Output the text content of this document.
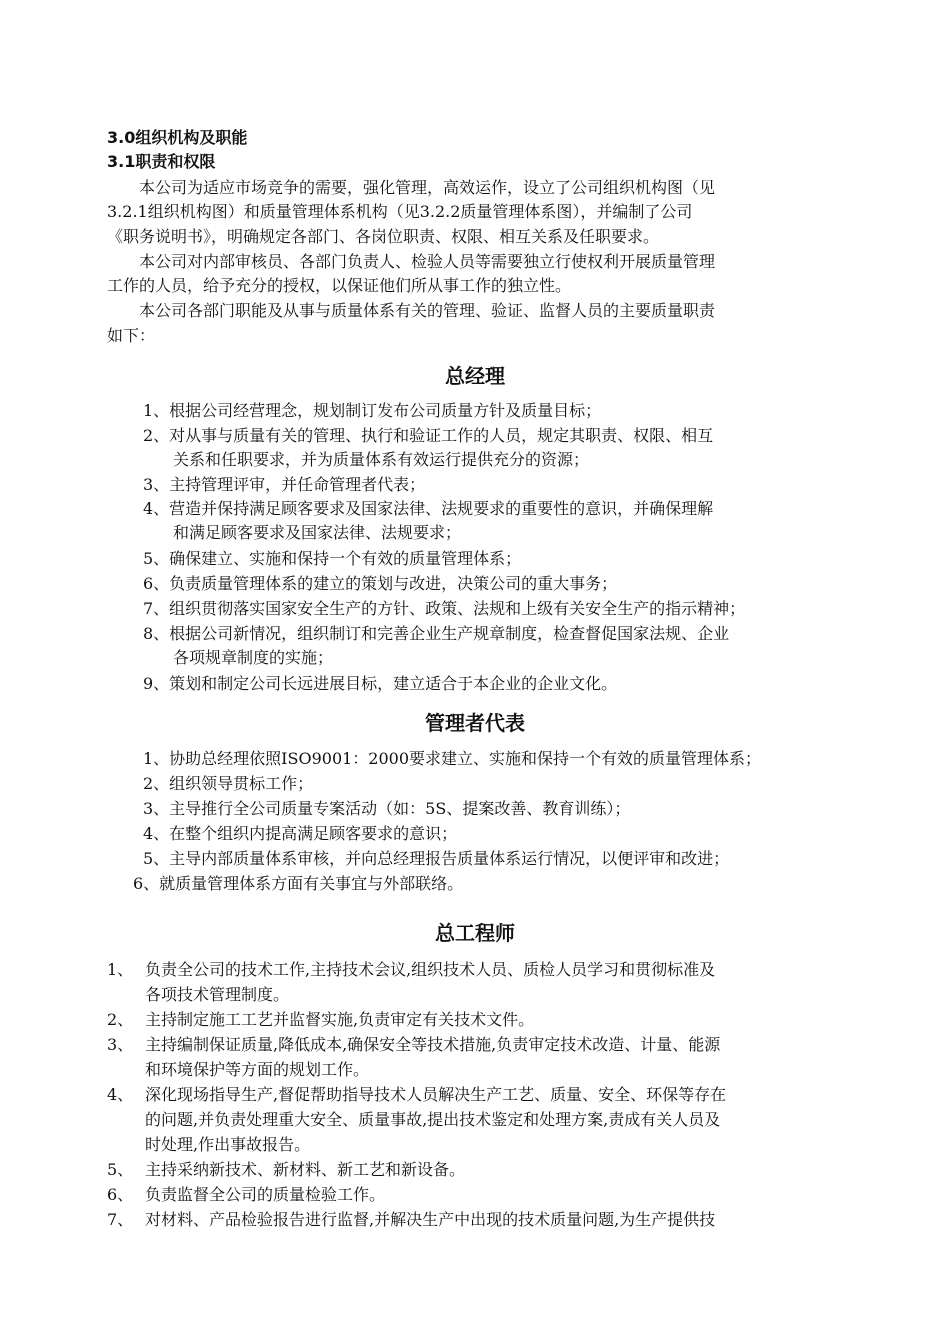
3.0组织机构及职能
3.1职责和权限
本公司为适应市场竞争的需要，强化管理，高效运作，设立了公司组织机构图（见
3.2.1组织机构图）和质量管理体系机构（见3.2.2质量管理体系图），并编制了公司
《职务说明书》，明确规定各部门、各岗位职责、权限、相互关系及任职要求。
本公司对内部审核员、各部门负责人、检验人员等需要独立行使权利开展质量管理
工作的人员，给予充分的授权，以保证他们所从事工作的独立性。
本公司各部门职能及从事与质量体系有关的管理、验证、监督人员的主要质量职责
如下：
总经理
1、根据公司经营理念，规划制订发布公司质量方针及质量目标；
2、对从事与质量有关的管理、执行和验证工作的人员，规定其职责、权限、相互
关系和任职要求，并为质量体系有效运行提供充分的资源；
3、主持管理评审，并任命管理者代表；
4、营造并保持满足顾客要求及国家法律、法规要求的重要性的意识，并确保理解
和满足顾客要求及国家法律、法规要求；
5、确保建立、实施和保持一个有效的质量管理体系；
6、负责质量管理体系的建立的策划与改进，决策公司的重大事务；
7、组织贯彻落实国家安全生产的方针、政策、法规和上级有关安全生产的指示精神；
8、根据公司新情况，组织制订和完善企业生产规章制度，检查督促国家法规、企业
各项规章制度的实施；
9、策划和制定公司长远进展目标，建立适合于本企业的企业文化。
管理者代表
1、协助总经理依照ISO9001：2000要求建立、实施和保持一个有效的质量管理体系；
2、组织领导贯标工作；
3、主导推行全公司质量专案活动（如：5S、提案改善、教育训练）；
4、在整个组织内提高满足顾客要求的意识；
5、主导内部质量体系审核，并向总经理报告质量体系运行情况，以便评审和改进；
6、就质量管理体系方面有关事宜与外部联络。
总工程师
1、 负责全公司的技术工作,主持技术会议,组织技术人员、质检人员学习和贯彻标准及
各项技术管理制度。
2、 主持制定施工工艺并监督实施,负责审定有关技术文件。
3、 主持编制保证质量,降低成本,确保安全等技术措施,负责审定技术改造、计量、能源
和环境保护等方面的规划工作。
4、 深化现场指导生产,督促帮助指导技术人员解决生产工艺、质量、安全、环保等存在
的问题,并负责处理重大安全、质量事故,提出技术鉴定和处理方案,责成有关人员及
时处理,作出事故报告。
5、 主持采纳新技术、新材料、新工艺和新设备。
6、 负责监督全公司的质量检验工作。
7、 对材料、产品检验报告进行监督,并解决生产中出现的技术质量问题,为生产提供技
